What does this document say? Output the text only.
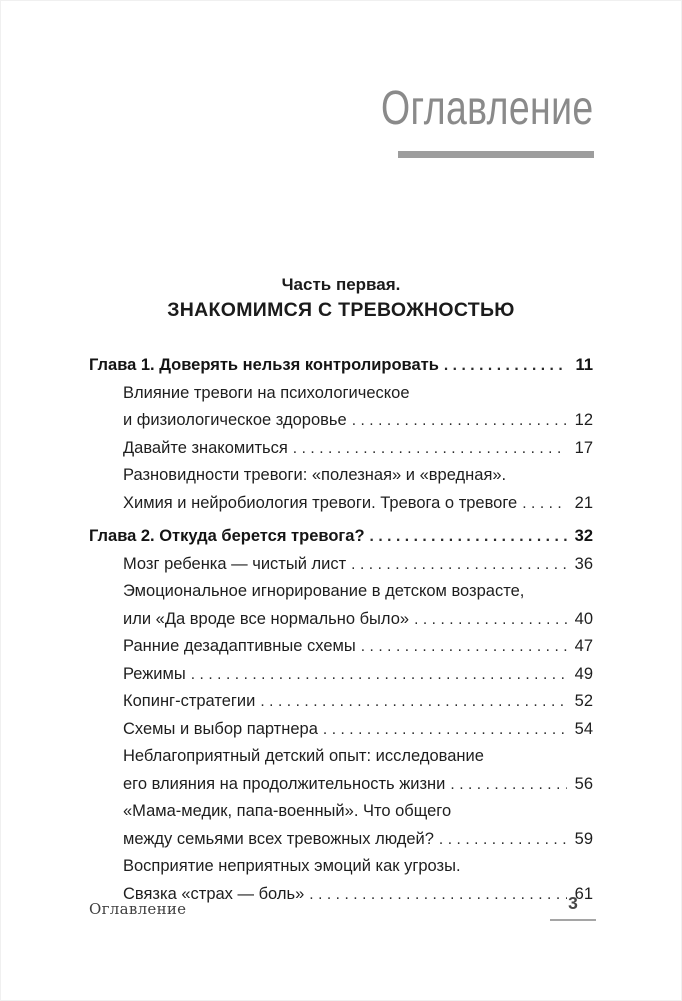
Оглавление
Часть первая.
ЗНАКОМИМСЯ С ТРЕВОЖНОСТЬЮ
Глава 1. Доверять нельзя контролировать .....	11
Влияние тревоги на психологическое
и физиологическое здоровье .....	12
Давайте знакомиться .....	17
Разновидности тревоги: «полезная» и «вредная».
Химия и нейробиология тревоги. Тревога о тревоге .....	21
Глава 2. Откуда берется тревога? .....	32
Мозг ребенка — чистый лист .....	36
Эмоциональное игнорирование в детском возрасте,
или «Да вроде все нормально было» .....	40
Ранние дезадаптивные схемы .....	47
Режимы .....	49
Копинг-стратегии .....	52
Схемы и выбор партнера .....	54
Неблагоприятный детский опыт: исследование
его влияния на продолжительность жизни .....	56
«Мама-медик, папа-военный». Что общего
между семьями всех тревожных людей? .....	59
Восприятие неприятных эмоций как угрозы.
Связка «страх — боль» .....	61
Оглавление	3
